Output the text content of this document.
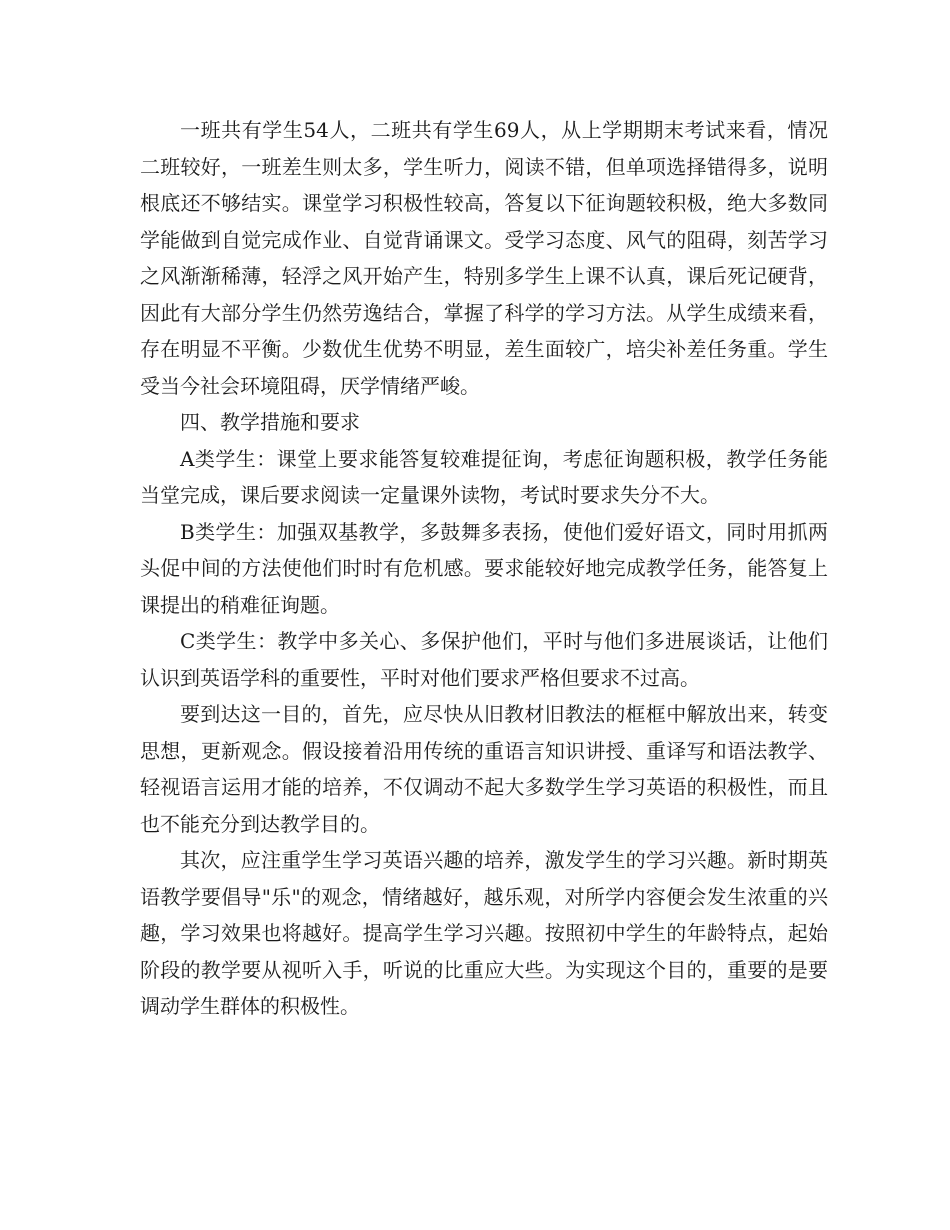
一班共有学生54人，二班共有学生69人，从上学期期末考试来看，情况二班较好，一班差生则太多，学生听力，阅读不错，但单项选择错得多，说明根底还不够结实。课堂学习积极性较高，答复以下征询题较积极，绝大多数同学能做到自觉完成作业、自觉背诵课文。受学习态度、风气的阻碍，刻苦学习之风渐渐稀薄，轻浮之风开始产生，特别多学生上课不认真，课后死记硬背，因此有大部分学生仍然劳逸结合，掌握了科学的学习方法。从学生成绩来看，存在明显不平衡。少数优生优势不明显，差生面较广，培尖补差任务重。学生受当今社会环境阻碍，厌学情绪严峻。

四、教学措施和要求

A类学生：课堂上要求能答复较难提征询，考虑征询题积极，教学任务能当堂完成，课后要求阅读一定量课外读物，考试时要求失分不大。

B类学生：加强双基教学，多鼓舞多表扬，使他们爱好语文，同时用抓两头促中间的方法使他们时时有危机感。要求能较好地完成教学任务，能答复上课提出的稍难征询题。

C类学生：教学中多关心、多保护他们，平时与他们多进展谈话，让他们认识到英语学科的重要性，平时对他们要求严格但要求不过高。

要到达这一目的，首先，应尽快从旧教材旧教法的框框中解放出来，转变思想，更新观念。假设接着沿用传统的重语言知识讲授、重译写和语法教学、轻视语言运用才能的培养，不仅调动不起大多数学生学习英语的积极性，而且也不能充分到达教学目的。

其次，应注重学生学习英语兴趣的培养，激发学生的学习兴趣。新时期英语教学要倡导"乐"的观念，情绪越好，越乐观，对所学内容便会发生浓重的兴趣，学习效果也将越好。提高学生学习兴趣。按照初中学生的年龄特点，起始阶段的教学要从视听入手，听说的比重应大些。为实现这个目的，重要的是要调动学生群体的积极性。
